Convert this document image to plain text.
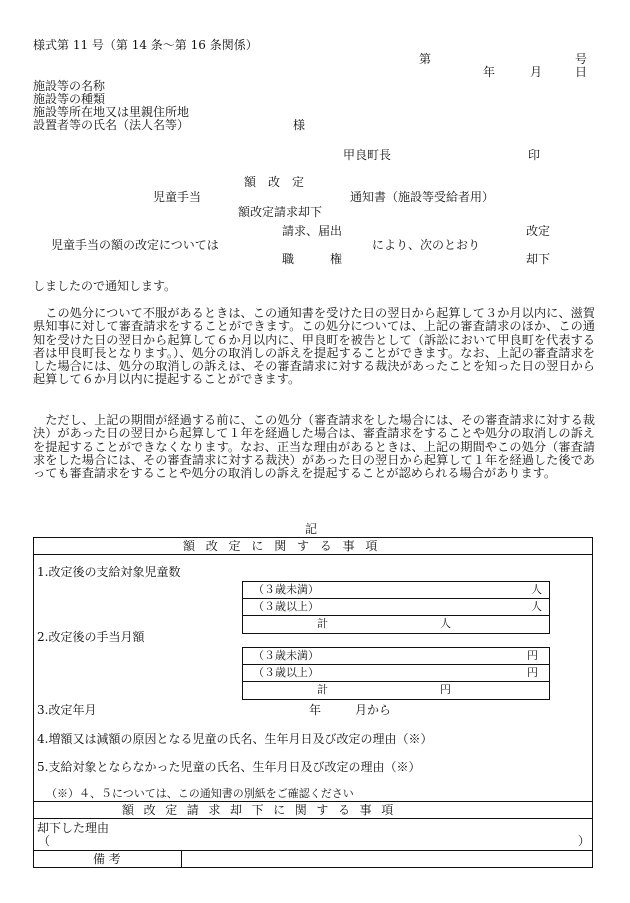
様式第 11 号（第 14 条～第 16 条関係）
第	号
年	月	日
施設等の名称
施設等の種類
施設等所在地又は里親住所地
設置者等の氏名（法人名等）	様
甲良町長	印
額　改　定
児童手当	通知書（施設等受給者用）
額改定請求却下
請求、届出	改定
児童手当の額の改定については	により、次のとおり
職　　　権	却下
しましたので通知します。
　この処分について不服があるときは、この通知書を受けた日の翌日から起算して３か月以内に、滋賀県知事に対して審査請求をすることができます。この処分については、上記の審査請求のほか、この通知を受けた日の翌日から起算して６か月以内に、甲良町を被告として（訴訟において甲良町を代表する者は甲良町長となります。）、処分の取消しの訴えを提起することができます。なお、上記の審査請求をした場合には、処分の取消しの訴えは、その審査請求に対する裁決があったことを知った日の翌日から起算して６か月以内に提起することができます。
　ただし、上記の期間が経過する前に、この処分（審査請求をした場合には、その審査請求に対する裁決）があった日の翌日から起算して１年を経過した場合は、審査請求をすることや処分の取消しの訴えを提起することができなくなります。なお、正当な理由があるときは、上記の期間やこの処分（審査請求をした場合には、その審査請求に対する裁決）があった日の翌日から起算して１年を経過した後であっても審査請求をすることや処分の取消しの訴えを提起することが認められる場合があります。
記
額改定に関する事項
1.改定後の支給対象児童数
（３歳未満）	人
（３歳以上）	人
計	人
2.改定後の手当月額
（３歳未満）	円
（３歳以上）	円
計	円
3.改定年月	年	月から
4.増額又は減額の原因となる児童の氏名、生年月日及び改定の理由（※）
5.支給対象とならなかった児童の氏名、生年月日及び改定の理由（※）
（※）４、５については、この通知書の別紙をご確認ください
額改定請求却下に関する事項
却下した理由
（	）
備考
